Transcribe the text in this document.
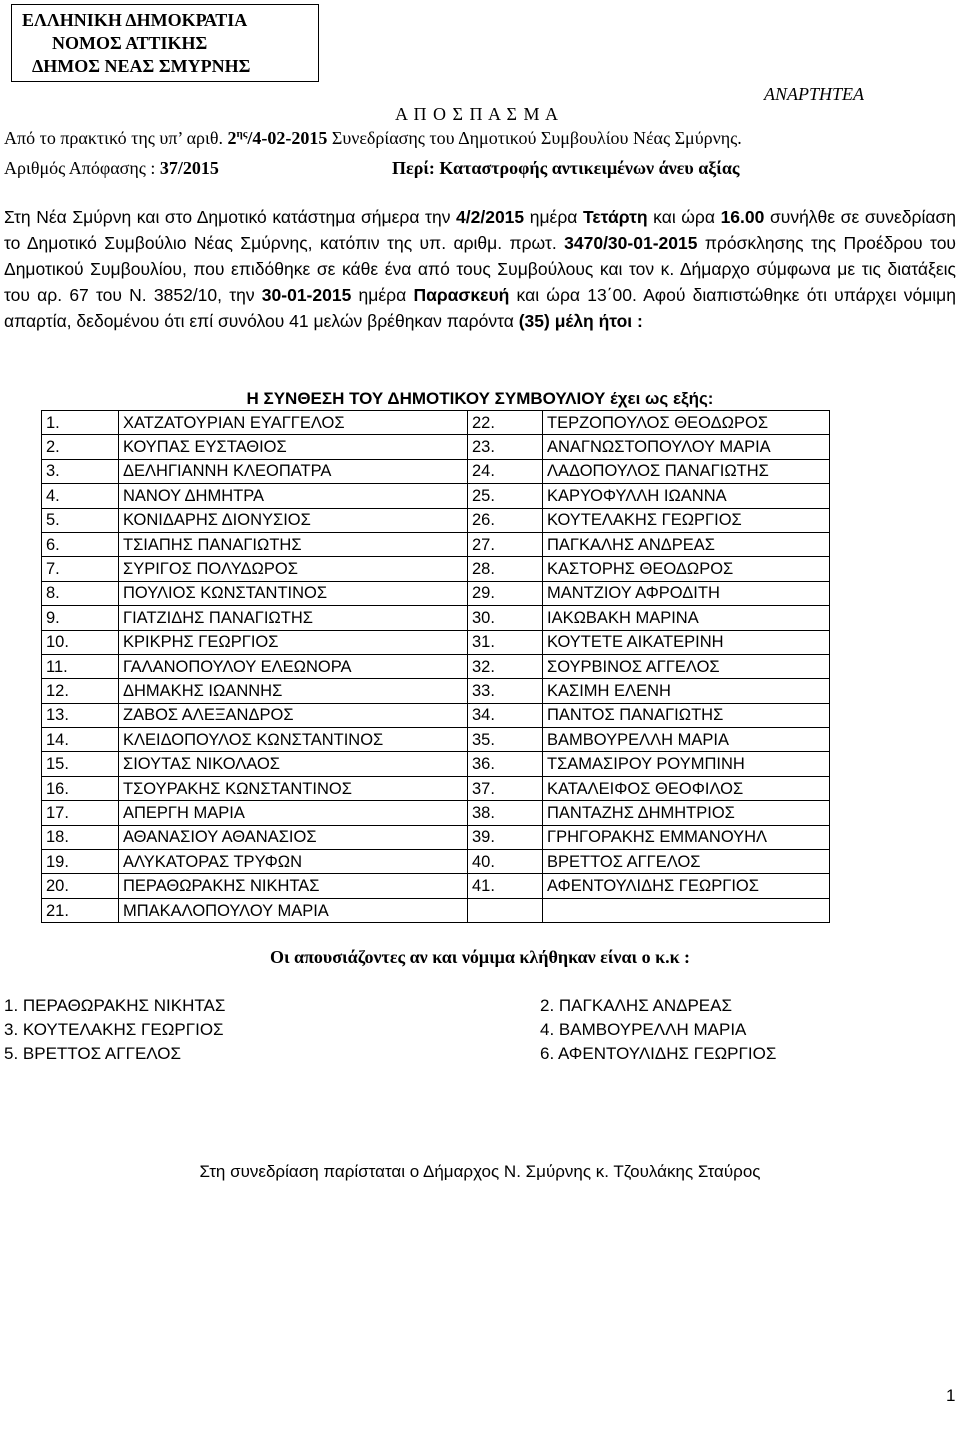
ΕΛΛΗΝΙΚΗ ΔΗΜΟΚΡΑΤΙΑ
ΝΟΜΟΣ ΑΤΤΙΚΗΣ
ΔΗΜΟΣ ΝΕΑΣ ΣΜΥΡΝΗΣ
ΑΝΑΡΤΗΤΕΑ
Α Π Ο Σ Π Α Σ Μ Α
Από το πρακτικό της υπ’ αριθ. $2^{\eta\varsigma}/4-02-2015$ Συνεδρίασης του Δημοτικού Συμβουλίου Νέας Σμύρνης.
Αριθμός Απόφασης : 37/2015	Περί: Καταστροφής αντικειμένων άνευ αξίας
Στη Νέα Σμύρνη και στο Δημοτικό κατάστημα σήμερα την 4/2/2015 ημέρα Τετάρτη και ώρα 16.00 συνήλθε σε συνεδρίαση το Δημοτικό Συμβούλιο Νέας Σμύρνης, κατόπιν της υπ. αριθμ. πρωτ. 3470/30-01-2015 πρόσκλησης της Προέδρου του Δημοτικού Συμβουλίου, που επιδόθηκε σε κάθε ένα από τους Συμβούλους και τον κ. Δήμαρχο σύμφωνα με τις διατάξεις του αρ. 67 του Ν. 3852/10, την 30-01-2015 ημέρα Παρασκευή και ώρα 13΄00. Αφού διαπιστώθηκε ότι υπάρχει νόμιμη απαρτία, δεδομένου ότι επί συνόλου 41 μελών βρέθηκαν παρόντα (35) μέλη ήτοι :
Η ΣΥΝΘΕΣΗ ΤΟΥ ΔΗΜΟΤΙΚΟΥ ΣΥΜΒΟΥΛΙΟΥ έχει ως εξής:
1.	ΧΑΤΖΑΤΟΥΡΙΑΝ ΕΥΑΓΓΕΛΟΣ	22.	ΤΕΡΖΟΠΟΥΛΟΣ ΘΕΟΔΩΡΟΣ
2.	ΚΟΥΠΑΣ ΕΥΣΤΑΘΙΟΣ	23.	ΑΝΑΓΝΩΣΤΟΠΟΥΛΟΥ ΜΑΡΙΑ
3.	ΔΕΛΗΓΙΑΝΝΗ ΚΛΕΟΠΑΤΡΑ	24.	ΛΑΔΟΠΟΥΛΟΣ ΠΑΝΑΓΙΩΤΗΣ
4.	ΝΑΝΟΥ ΔΗΜΗΤΡΑ	25.	ΚΑΡΥΟΦΥΛΛΗ ΙΩΑΝΝΑ
5.	ΚΟΝΙΔΑΡΗΣ ΔΙΟΝΥΣΙΟΣ	26.	ΚΟΥΤΕΛΑΚΗΣ ΓΕΩΡΓΙΟΣ
6.	ΤΣΙΑΠΗΣ ΠΑΝΑΓΙΩΤΗΣ	27.	ΠΑΓΚΑΛΗΣ ΑΝΔΡΕΑΣ
7.	ΣΥΡΙΓΟΣ ΠΟΛΥΔΩΡΟΣ	28.	ΚΑΣΤΟΡΗΣ ΘΕΟΔΩΡΟΣ
8.	ΠΟΥΛΙΟΣ ΚΩΝΣΤΑΝΤΙΝΟΣ	29.	ΜΑΝΤΖΙΟΥ ΑΦΡΟΔΙΤΗ
9.	ΓΙΑΤΖΙΔΗΣ ΠΑΝΑΓΙΩΤΗΣ	30.	ΙΑΚΩΒΑΚΗ ΜΑΡΙΝΑ
10.	ΚΡΙΚΡΗΣ ΓΕΩΡΓΙΟΣ	31.	ΚΟΥΤΕΤΕ ΑΙΚΑΤΕΡΙΝΗ
11.	ΓΑΛΑΝΟΠΟΥΛΟΥ ΕΛΕΩΝΟΡΑ	32.	ΣΟΥΡΒΙΝΟΣ ΑΓΓΕΛΟΣ
12.	ΔΗΜΑΚΗΣ ΙΩΑΝΝΗΣ	33.	ΚΑΣΙΜΗ ΕΛΕΝΗ
13.	ΖΑΒΟΣ ΑΛΕΞΑΝΔΡΟΣ	34.	ΠΑΝΤΟΣ ΠΑΝΑΓΙΩΤΗΣ
14.	ΚΛΕΙΔΟΠΟΥΛΟΣ ΚΩΝΣΤΑΝΤΙΝΟΣ	35.	ΒΑΜΒΟΥΡΕΛΛΗ ΜΑΡΙΑ
15.	ΣΙΟΥΤΑΣ ΝΙΚΟΛΑΟΣ	36.	ΤΣΑΜΑΣΙΡΟΥ ΡΟΥΜΠΙΝΗ
16.	ΤΣΟΥΡΑΚΗΣ ΚΩΝΣΤΑΝΤΙΝΟΣ	37.	ΚΑΤΑΛΕΙΦΟΣ ΘΕΟΦΙΛΟΣ
17.	ΑΠΕΡΓΗ ΜΑΡΙΑ	38.	ΠΑΝΤΑΖΗΣ ΔΗΜΗΤΡΙΟΣ
18.	ΑΘΑΝΑΣΙΟΥ ΑΘΑΝΑΣΙΟΣ	39.	ΓΡΗΓΟΡΑΚΗΣ ΕΜΜΑΝΟΥΗΛ
19.	ΑΛΥΚΑΤΟΡΑΣ ΤΡΥΦΩΝ	40.	ΒΡΕΤΤΟΣ ΑΓΓΕΛΟΣ
20.	ΠΕΡΑΘΩΡΑΚΗΣ ΝΙΚΗΤΑΣ	41.	ΑΦΕΝΤΟΥΛΙΔΗΣ ΓΕΩΡΓΙΟΣ
21.	ΜΠΑΚΑΛΟΠΟΥΛΟΥ ΜΑΡΙΑ		
Οι απουσιάζοντες αν και νόμιμα κλήθηκαν είναι ο κ.κ :
1. ΠΕΡΑΘΩΡΑΚΗΣ ΝΙΚΗΤΑΣ	2. ΠΑΓΚΑΛΗΣ ΑΝΔΡΕΑΣ
3. ΚΟΥΤΕΛΑΚΗΣ ΓΕΩΡΓΙΟΣ	4. ΒΑΜΒΟΥΡΕΛΛΗ ΜΑΡΙΑ
5. ΒΡΕΤΤΟΣ ΑΓΓΕΛΟΣ	6. ΑΦΕΝΤΟΥΛΙΔΗΣ ΓΕΩΡΓΙΟΣ
Στη συνεδρίαση παρίσταται ο Δήμαρχος Ν. Σμύρνης κ. Τζουλάκης Σταύρος
1
